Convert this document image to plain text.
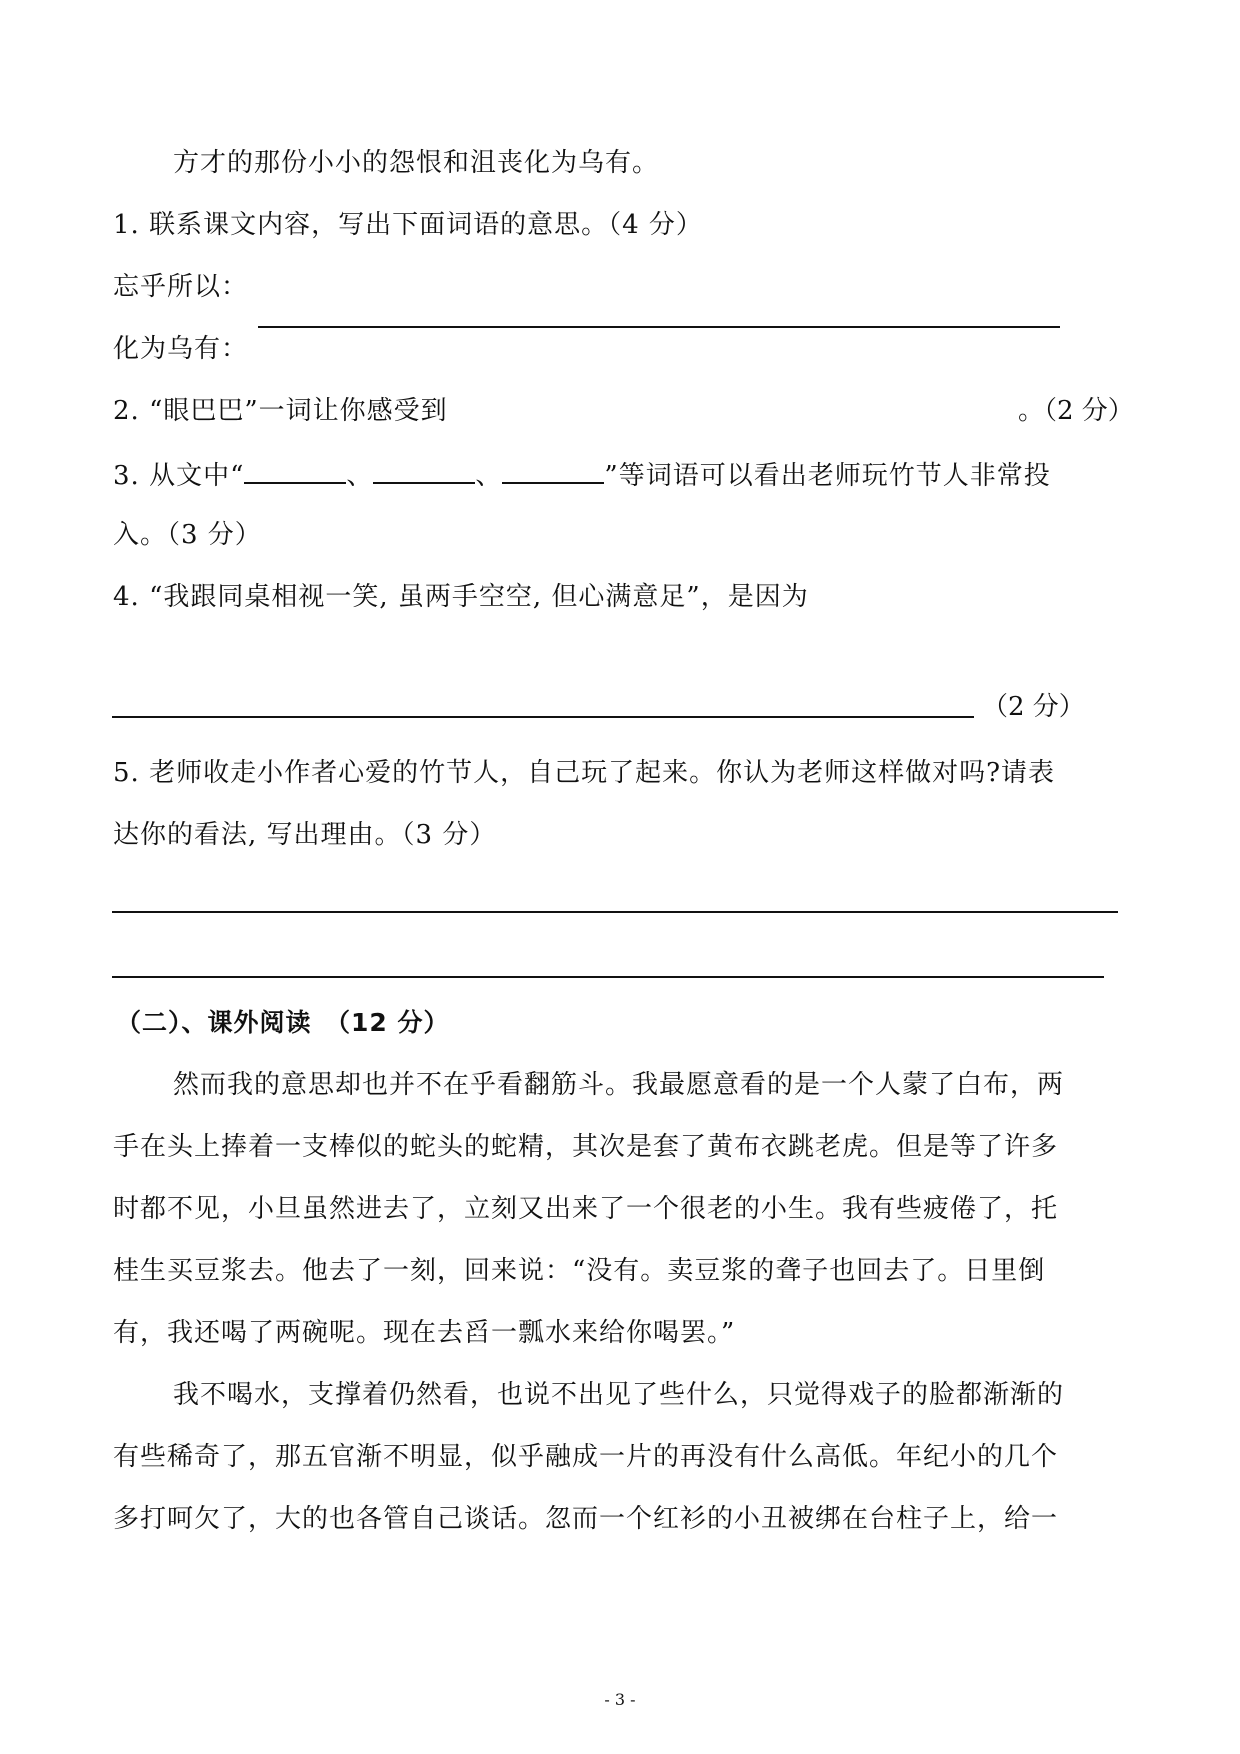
方才的那份小小的怨恨和沮丧化为乌有。
1. 联系课文内容，写出下面词语的意思。（4 分）
忘乎所以：
化为乌有：
2. “眼巴巴”一词让你感受到	。（2 分）
3. 从文中“	、	、	”等词语可以看出老师玩竹节人非常投
入。（3 分）
4. “我跟同桌相视一笑, 虽两手空空, 但心满意足”，是因为
（2 分）
5. 老师收走小作者心爱的竹节人，自己玩了起来。你认为老师这样做对吗?请表
达你的看法, 写出理由。（3 分）
（二）、课外阅读　（12 分）
然而我的意思却也并不在乎看翻筋斗。我最愿意看的是一个人蒙了白布，两
手在头上捧着一支棒似的蛇头的蛇精，其次是套了黄布衣跳老虎。但是等了许多
时都不见，小旦虽然进去了，立刻又出来了一个很老的小生。我有些疲倦了，托
桂生买豆浆去。他去了一刻，回来说：“没有。卖豆浆的聋子也回去了。日里倒
有，我还喝了两碗呢。现在去舀一瓢水来给你喝罢。”
我不喝水，支撑着仍然看，也说不出见了些什么，只觉得戏子的脸都渐渐的
有些稀奇了，那五官渐不明显，似乎融成一片的再没有什么高低。年纪小的几个
多打呵欠了，大的也各管自己谈话。忽而一个红衫的小丑被绑在台柱子上，给一
- 3 -
